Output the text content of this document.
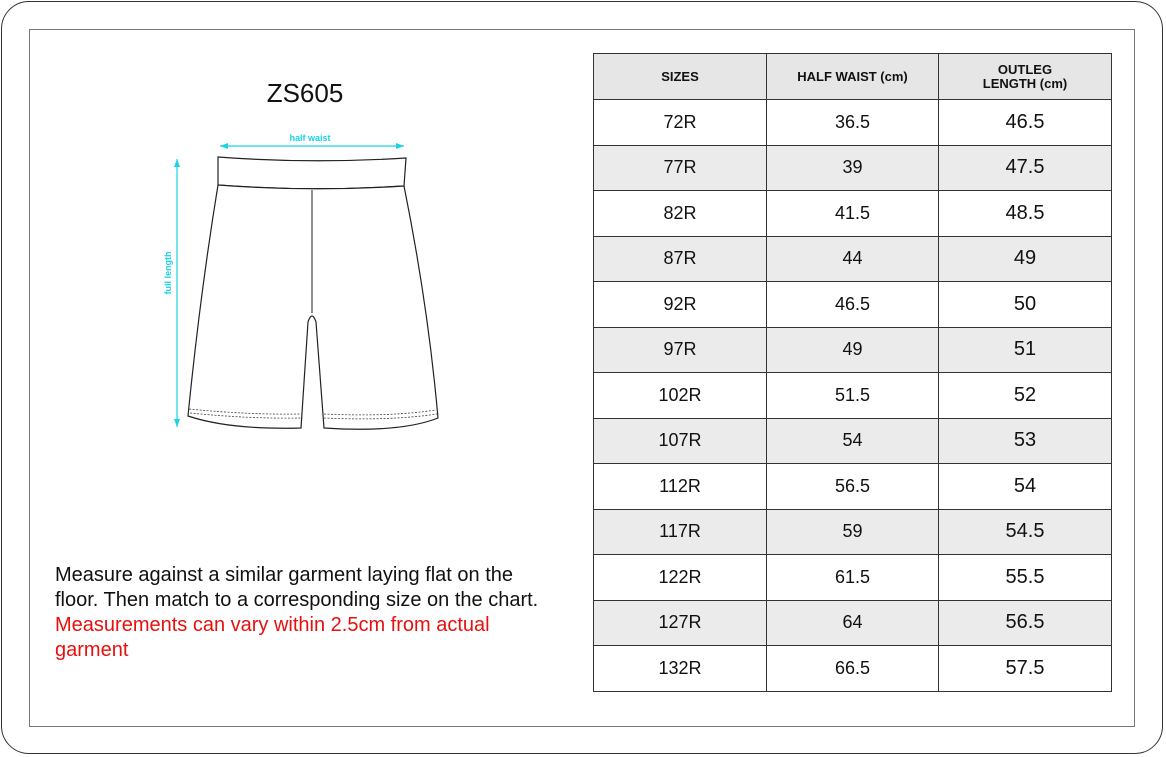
ZS605
half waist
full length
Measure against a similar garment laying flat on the floor. Then match to a corresponding size on the chart.
Measurements can vary within 2.5cm from actual garment
SIZES	HALF WAIST (cm)	OUTLEG
LENGTH (cm)
72R	36.5	46.5
77R	39	47.5
82R	41.5	48.5
87R	44	49
92R	46.5	50
97R	49	51
102R	51.5	52
107R	54	53
112R	56.5	54
117R	59	54.5
122R	61.5	55.5
127R	64	56.5
132R	66.5	57.5
